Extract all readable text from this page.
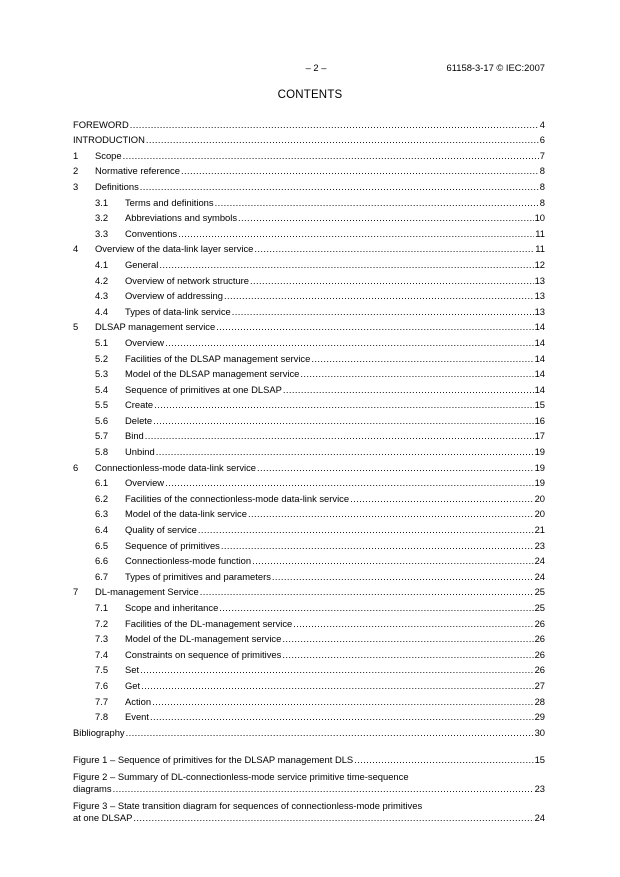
– 2 –	61158-3-17 © IEC:2007
CONTENTS
FOREWORD .....	4
INTRODUCTION .....	6
1	Scope .....	7
2	Normative reference .....	8
3	Definitions .....	8
3.1	Terms and definitions .....	8
3.2	Abbreviations and symbols .....	10
3.3	Conventions .....	11
4	Overview of the data-link layer service .....	11
4.1	General .....	12
4.2	Overview of network structure .....	13
4.3	Overview of addressing .....	13
4.4	Types of data-link service .....	13
5	DLSAP management service .....	14
5.1	Overview .....	14
5.2	Facilities of the DLSAP management service .....	14
5.3	Model of the DLSAP management service .....	14
5.4	Sequence of primitives at one DLSAP .....	14
5.5	Create .....	15
5.6	Delete .....	16
5.7	Bind .....	17
5.8	Unbind .....	19
6	Connectionless-mode data-link service .....	19
6.1	Overview .....	19
6.2	Facilities of the connectionless-mode data-link service .....	20
6.3	Model of the data-link service .....	20
6.4	Quality of service .....	21
6.5	Sequence of primitives .....	23
6.6	Connectionless-mode function .....	24
6.7	Types of primitives and parameters .....	24
7	DL-management Service .....	25
7.1	Scope and inheritance .....	25
7.2	Facilities of the DL-management service .....	26
7.3	Model of the DL-management service .....	26
7.4	Constraints on sequence of primitives .....	26
7.5	Set .....	26
7.6	Get .....	27
7.7	Action .....	28
7.8	Event .....	29
Bibliography .....	30
Figure 1 – Sequence of primitives for the DLSAP management DLS .....	15
Figure 2 – Summary of DL-connectionless-mode service primitive time-sequence
diagrams .....	23
Figure 3 – State transition diagram for sequences of connectionless-mode primitives
at one DLSAP .....	24
